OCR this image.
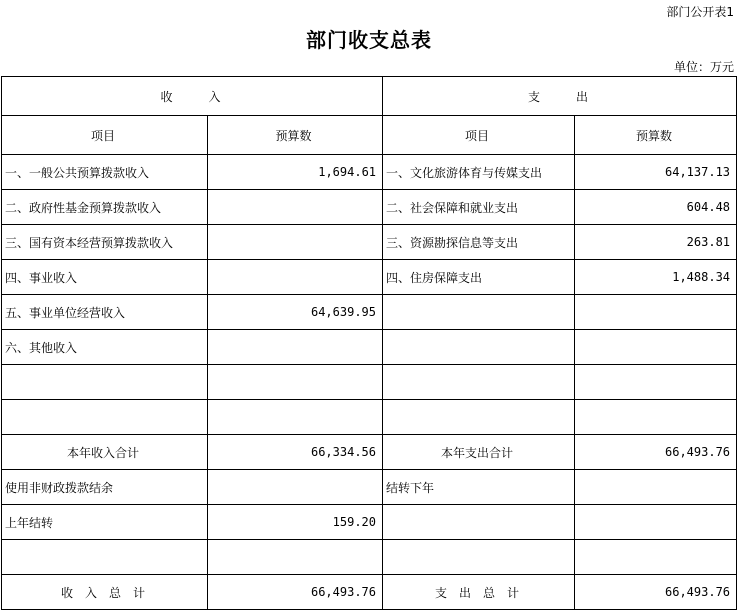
部门公开表1
部门收支总表
单位：万元
收　　　入		支　　　出	
项目	预算数	项目	预算数
一、一般公共预算拨款收入	1,694.61	一、文化旅游体育与传媒支出	64,137.13
二、政府性基金预算拨款收入		二、社会保障和就业支出	604.48
三、国有资本经营预算拨款收入		三、资源勘探信息等支出	263.81
四、事业收入		四、住房保障支出	1,488.34
五、事业单位经营收入	64,639.95		
六、其他收入			

本年收入合计	66,334.56	本年支出合计	66,493.76
使用非财政拨款结余		结转下年	
上年结转	159.20		

收　入　总　计	66,493.76	支　出　总　计	66,493.76
